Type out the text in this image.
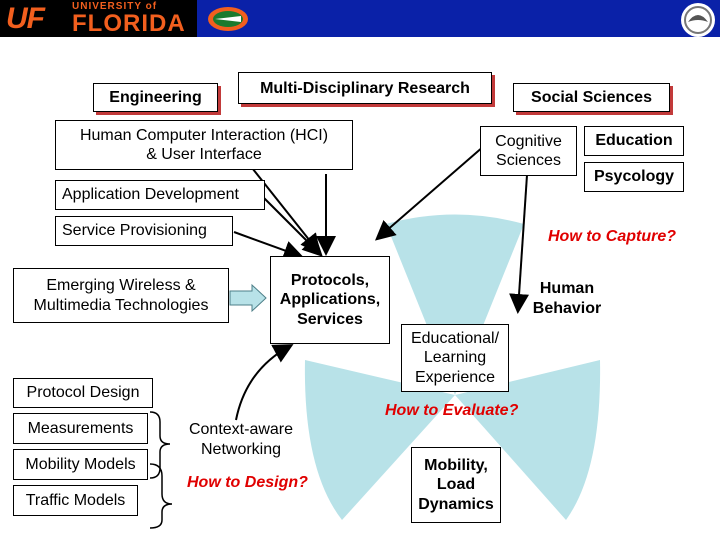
UF	UNIVERSITY of
FLORIDA
Engineering
Multi-Disciplinary Research
Social Sciences
Human Computer Interaction (HCI)
& User Interface
Application Development
Service Provisioning
Emerging Wireless &
Multimedia Technologies
Protocols,
Applications,
Services
Protocol Design
Measurements
Mobility Models
Traffic Models
Context-aware
Networking
How to Design?
Cognitive
Sciences
Education
Psycology
How to Capture?
Human
Behavior
Educational/
Learning
Experience
How to Evaluate?
Mobility,
Load
Dynamics
